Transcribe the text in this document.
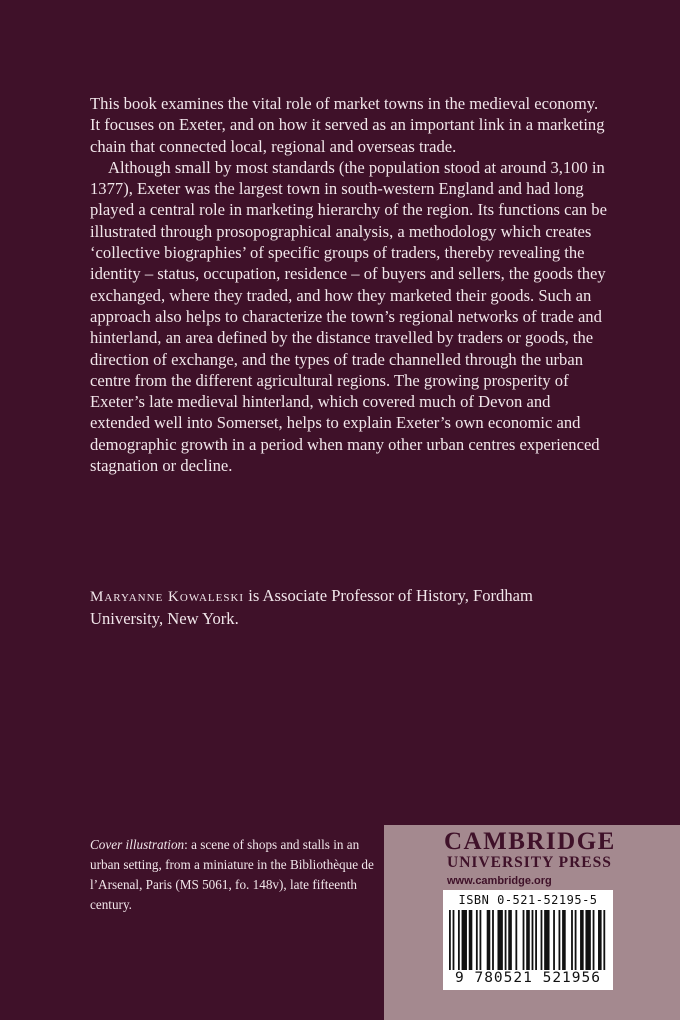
This book examines the vital role of market towns in the medieval economy. It focuses on Exeter, and on how it served as an important link in a marketing chain that connected local, regional and overseas trade.

Although small by most standards (the population stood at around 3,100 in 1377), Exeter was the largest town in south-western England and had long played a central role in marketing hierarchy of the region. Its functions can be illustrated through prosopographical analysis, a methodology which creates ‘collective biographies’ of specific groups of traders, thereby revealing the identity – status, occupation, residence – of buyers and sellers, the goods they exchanged, where they traded, and how they marketed their goods. Such an approach also helps to characterize the town’s regional networks of trade and hinterland, an area defined by the distance travelled by traders or goods, the direction of exchange, and the types of trade channelled through the urban centre from the different agricultural regions. The growing prosperity of Exeter’s late medieval hinterland, which covered much of Devon and extended well into Somerset, helps to explain Exeter’s own economic and demographic growth in a period when many other urban centres experienced stagnation or decline.

Maryanne Kowaleski is Associate Professor of History, Fordham University, New York.
Cover illustration: a scene of shops and stalls in an urban setting, from a miniature in the Bibliothèque de l’Arsenal, Paris (MS 5061, fo. 148v), late fifteenth century.
CAMBRIDGE
UNIVERSITY PRESS
www.cambridge.org
ISBN 0-521-52195-5
9 780521 521956
